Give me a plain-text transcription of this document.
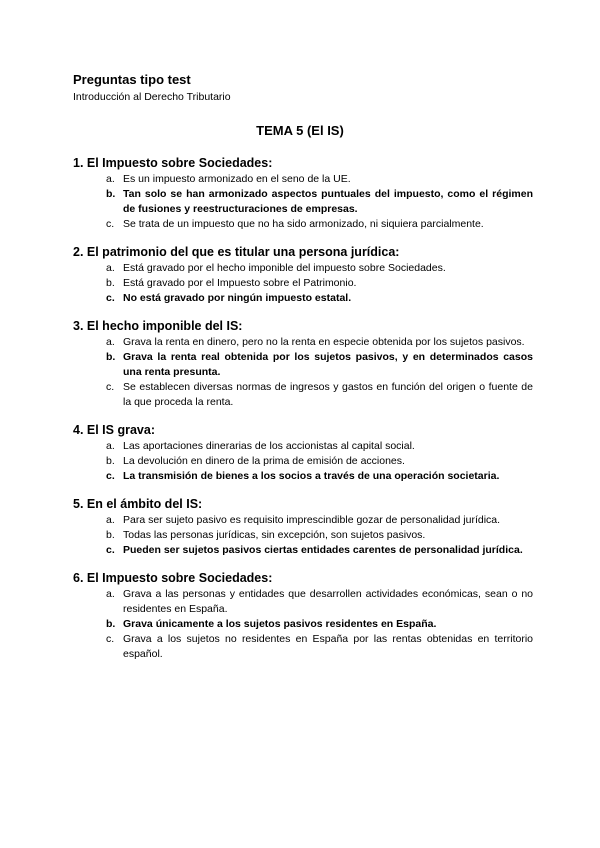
Preguntas tipo test

Introducción al Derecho Tributario

TEMA 5 (El IS)

1. El Impuesto sobre Sociedades:

a. Es un impuesto armonizado en el seno de la UE.
b. Tan solo se han armonizado aspectos puntuales del impuesto, como el régimen de fusiones y reestructuraciones de empresas.
c. Se trata de un impuesto que no ha sido armonizado, ni siquiera parcialmente.

2. El patrimonio del que es titular una persona jurídica:

a. Está gravado por el hecho imponible del impuesto sobre Sociedades.
b. Está gravado por el Impuesto sobre el Patrimonio.
c. No está gravado por ningún impuesto estatal.

3. El hecho imponible del IS:

a. Grava la renta en dinero, pero no la renta en especie obtenida por los sujetos pasivos.
b. Grava la renta real obtenida por los sujetos pasivos, y en determinados casos una renta presunta.
c. Se establecen diversas normas de ingresos y gastos en función del origen o fuente de la que proceda la renta.

4. El IS grava:

a. Las aportaciones dinerarias de los accionistas al capital social.
b. La devolución en dinero de la prima de emisión de acciones.
c. La transmisión de bienes a los socios a través de una operación societaria.

5. En el ámbito del IS:

a. Para ser sujeto pasivo es requisito imprescindible gozar de personalidad jurídica.
b. Todas las personas jurídicas, sin excepción, son sujetos pasivos.
c. Pueden ser sujetos pasivos ciertas entidades carentes de personalidad jurídica.

6. El Impuesto sobre Sociedades:

a. Grava a las personas y entidades que desarrollen actividades económicas, sean o no residentes en España.
b. Grava únicamente a los sujetos pasivos residentes en España.
c. Grava a los sujetos no residentes en España por las rentas obtenidas en territorio español.
